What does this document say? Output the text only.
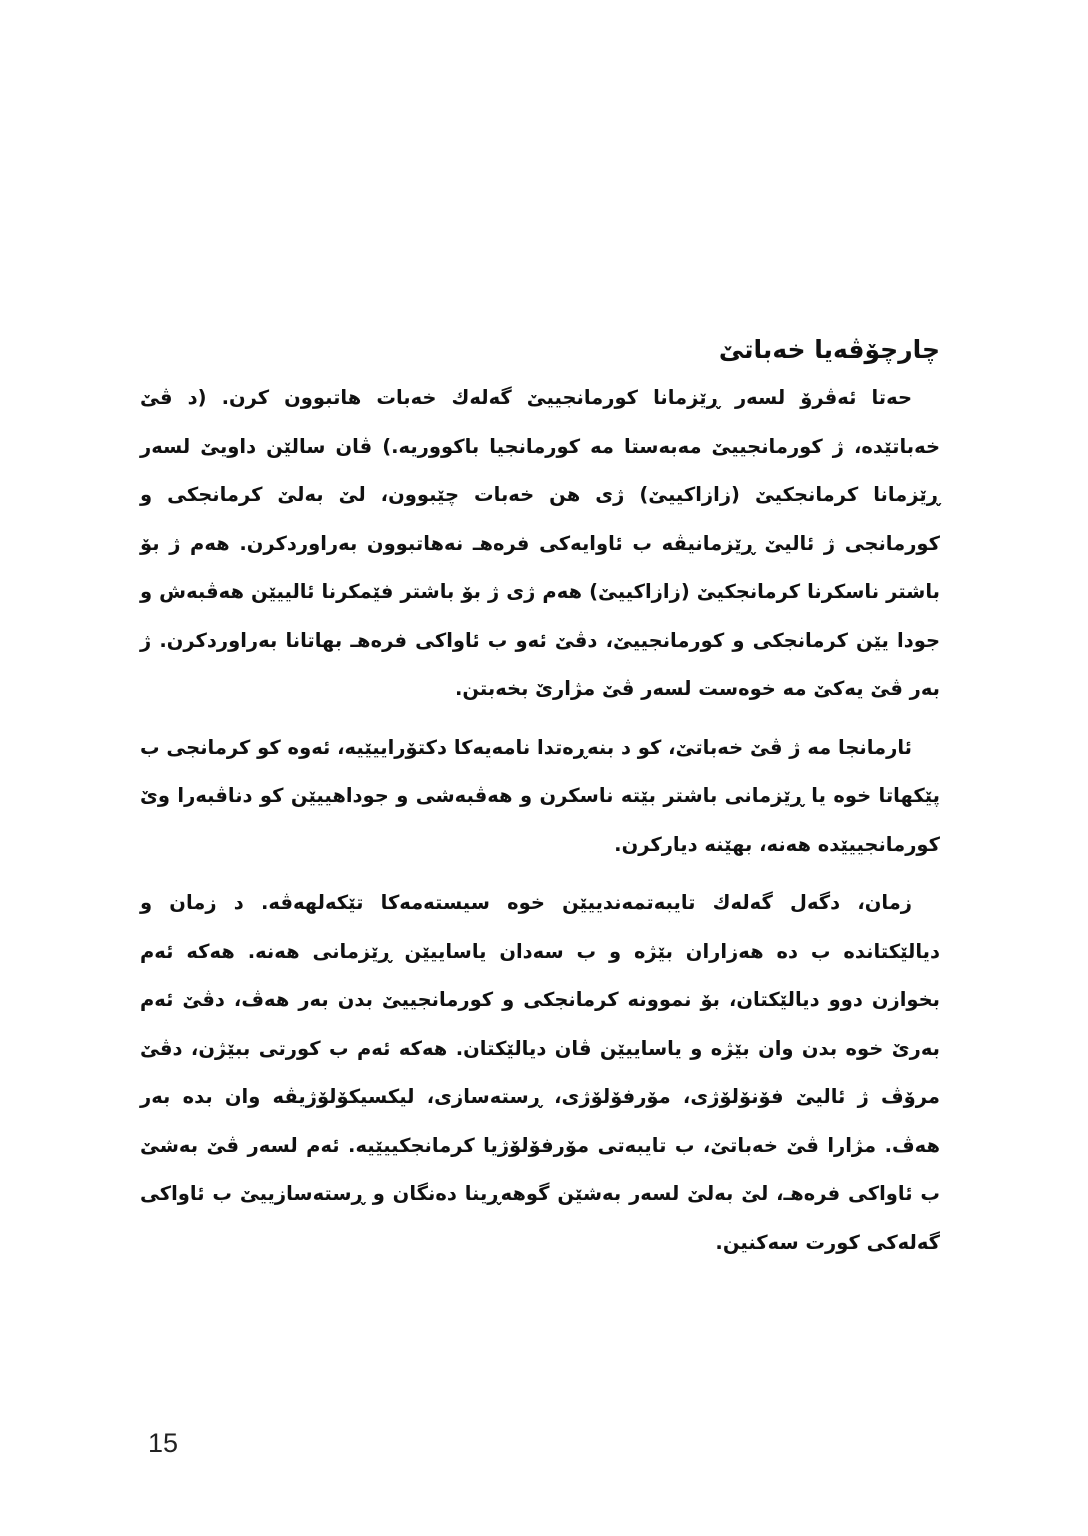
چارچۆڤەیا خەباتێ

حەتا ئەڤرۆ لسەر ڕێزمانا کورمانجییێ گەلەك خەبات هاتبوون کرن. (د ڤێ خەباتێدە، ژ کورمانجییێ مەبەستا مە کورمانجیا باکووریە.) ڤان سالێن داویێ لسەر ڕێزمانا کرمانجکیێ (زازاکییێ) ژی هن خەبات چێبوون، لێ بەلێ کرمانجکی و کورمانجی ژ ئالیێ ڕێزمانیڤە ب ئاوایەکی فرەهـ نەهاتبوون بەراوردکرن. هەم ژ بۆ باشتر ناسکرنا کرمانجکیێ (زازاکییێ) هەم ژی ژ بۆ باشتر فێمکرنا ئالییێن هەڤبەش و جودا یێن کرمانجکی و کورمانجییێ، دڤێ ئەو ب ئاواکی فرەهـ بهاتانا بەراوردکرن. ژ بەر ڤێ یەکێ مە خوەست لسەر ڤێ مژارێ بخەبتن.

ئارمانجا مە ژ ڤێ خەباتێ، کو د بنەڕەتدا نامەیەکا دکتۆراییێیە، ئەوە کو کرمانجی ب پێکهاتا خوە یا ڕێزمانی باشتر بێتە ناسکرن و هەڤبەشی و جوداهییێن کو دناڤبەرا وێ کورمانجییێدە هەنە، بهێنە دیارکرن.

زمان، دگەل گەلەك تایبەتمەندییێن خوە سیستەمەکا تێکەلهەڤە. د زمان و دیالێکتاندە ب دە هەزاران بێژە و ب سەدان یاساییێن ڕێزمانی هەنە. هەکە ئەم بخوازن دوو دیالێکتان، بۆ نموونە کرمانجکی و کورمانجییێ بدن بەر هەڤ، دڤێ ئەم بەرێ خوە بدن وان بێژە و یاساییێن ڤان دیالێکتان. هەکە ئەم ب کورتی ببێژن، دڤێ مرۆڤ ژ ئالیێ فۆنۆلۆژی، مۆرفۆلۆژی، ڕستەسازی، لیکسیکۆلۆژیڤە وان بدە بەر هەڤ. مژارا ڤێ خەباتێ، ب تایبەتی مۆرفۆلۆژیا کرمانجکییێیە. ئەم لسەر ڤێ بەشێ ب ئاواکی فرەهـ، لێ بەلێ لسەر بەشێن گوهەڕینا دەنگان و ڕستەسازییێ ب ئاواکی گەلەکی کورت سەکنین.

15
